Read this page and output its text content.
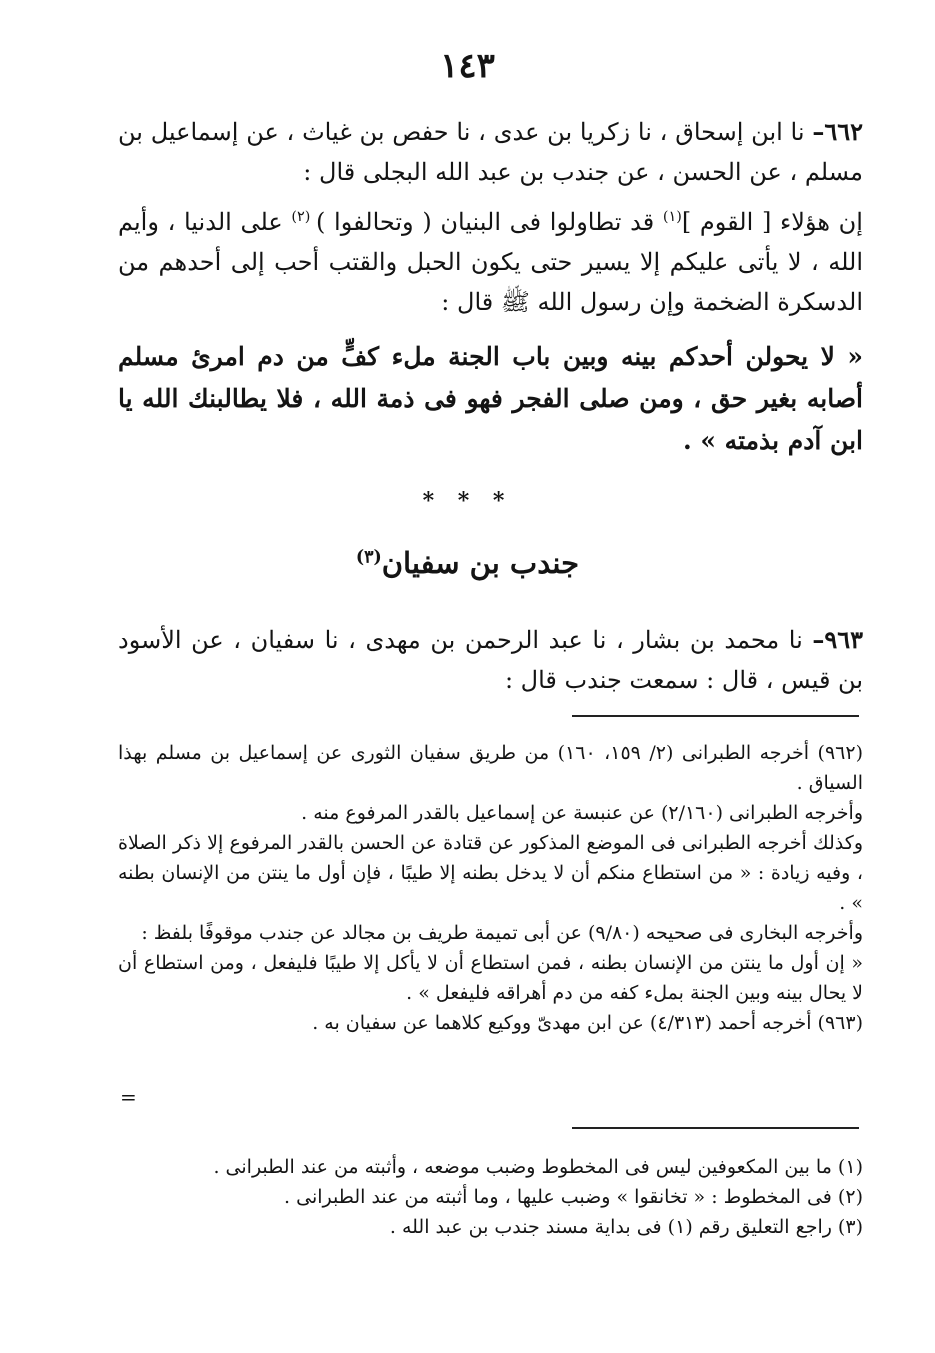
١٤٣
٦٦٢– نا ابن إسحاق ، نا زكريا بن عدى ، نا حفص بن غياث ، عن إسماعيل بن مسلم ، عن الحسن ، عن جندب بن عبد الله البجلى قال :
إن هؤلاء [ القوم ]$^{(١)}$ قد تطاولوا فى البنيان ( وتحالفوا ) $^{(٢)}$ على الدنيا ، وأيم الله ، لا يأتى عليكم إلا يسير حتى يكون الحبل والقتب أحب إلى أحدهم من الدسكرة الضخمة وإن رسول الله ﷺ قال :
« لا يحولن أحدكم بينه وبين باب الجنة ملء كفٍّ من دم امرئ مسلم أصابه بغير حق ، ومن صلى الفجر فهو فى ذمة الله ، فلا يطالبنك الله يا ابن آدم بذمته » .
* * *
جندب بن سفيان$^{(٣)}$
٩٦٣– نا محمد بن بشار ، نا عبد الرحمن بن مهدى ، نا سفيان ، عن الأسود بن قيس ، قال : سمعت جندب قال :
(٩٦٢) أخرجه الطبرانى (٢/ ١٥٩، ١٦٠) من طريق سفيان الثورى عن إسماعيل بن مسلم بهذا السياق .
وأخرجه الطبرانى (٢/١٦٠) عن عنبسة عن إسماعيل بالقدر المرفوع منه .
وكذلك أخرجه الطبرانى فى الموضع المذكور عن قتادة عن الحسن بالقدر المرفوع إلا ذكر الصلاة ، وفيه زيادة : « من استطاع منكم أن لا يدخل بطنه إلا طيبًا ، فإن أول ما ينتن من الإنسان بطنه » .
وأخرجه البخارى فى صحيحه (٩/٨٠) عن أبى تميمة طريف بن مجالد عن جندب موقوفًا بلفظ :
« إن أول ما ينتن من الإنسان بطنه ، فمن استطاع أن لا يأكل إلا طيبًا فليفعل ، ومن استطاع أن لا يحال بينه وبين الجنة بملء كفه من دم أهراقه فليفعل » .
(٩٦٣) أخرجه أحمد (٤/٣١٣) عن ابن مهدىّ ووكيع كلاهما عن سفيان به .
=
(١) ما بين المكعوفين ليس فى المخطوط وضبب موضعه ، وأثبته من عند الطبرانى .
(٢) فى المخطوط : « تخانقوا » وضبب عليها ، وما أثبته من عند الطبرانى .
(٣) راجع التعليق رقم (١) فى بداية مسند جندب بن عبد الله .
